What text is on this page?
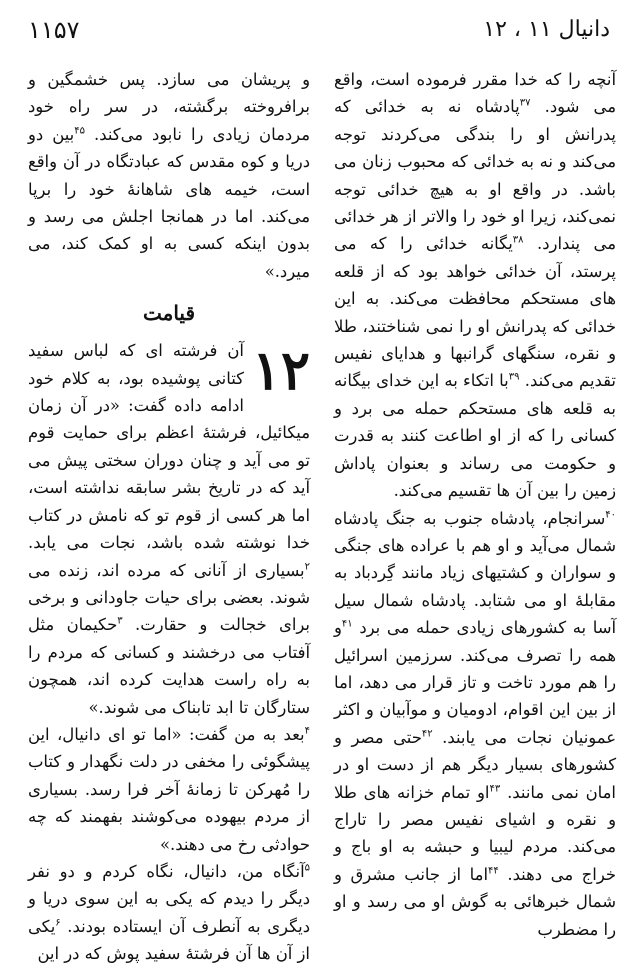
۱۱۵۷	دانیال ۱۱ ، ۱۲

آنچه را که خدا مقرر فرموده است، واقع می شود. $^{۳۷}$پادشاه نه به خدائی که پدرانش او را بندگی می‌کردند توجه می‌کند و نه به خدائی که محبوب زنان می باشد. در واقع او به هیچ خدائی توجه نمی‌کند، زیرا او خود را والاتر از هر خدائی می پندارد. $^{۳۸}$یگانه خدائی را که می پرستد، آن خدائی خواهد بود که از قلعه های مستحکم محافظت می‌کند. به این خدائی که پدرانش او را نمی شناختند، طلا و نقره، سنگهای گرانبها و هدایای نفیس تقدیم می‌کند. $^{۳۹}$با اتکاء به این خدای بیگانه به قلعه های مستحکم حمله می برد و کسانی را که از او اطاعت کنند به قدرت و حکومت می رساند و بعنوان پاداش زمین را بین آن ها تقسیم می‌کند.

$^{۴۰}$سرانجام، پادشاه جنوب به جنگ پادشاه شمال می‌آید و او هم با عراده های جنگی و سواران و کشتیهای زیاد مانند گِردباد به مقابلهٔ او می شتابد. پادشاه شمال سیل آسا به کشورهای زیادی حمله می برد $^{۴۱}$و همه را تصرف می‌کند. سرزمین اسرائیل را هم مورد تاخت و تاز قرار می دهد، اما از بین این اقوام، ادومیان و موآبیان و اکثر عمونیان نجات می یابند. $^{۴۲}$حتی مصر و کشورهای بسیار دیگر هم از دست او در امان نمی مانند. $^{۴۳}$او تمام خزانه های طلا و نقره و اشیای نفیس مصر را تاراج می‌کند. مردم لیبیا و حبشه به او باج و خراج می دهند. $^{۴۴}$اما از جانب مشرق و شمال خبرهائی به گوش او می رسد و او را مضطرب

و پریشان می سازد. پس خشمگین و برافروخته برگشته، در سر راه خود مردمان زیادی را نابود می‌کند. $^{۴۵}$بین دو دریا و کوه مقدس که عبادتگاه در آن واقع است، خیمه های شاهانهٔ خود را برپا می‌کند. اما در همانجا اجلش می رسد و بدون اینکه کسی به او کمک کند، می میرد.»

قیامت
۱۲

آن فرشته ای که لباس سفید کتانی پوشیده بود، به کلام خود ادامه داده گفت: «در آن زمان میکائیل، فرشتهٔ اعظم برای حمایت قوم تو می آید و چنان دوران سختی پیش می آید که در تاریخ بشر سابقه نداشته است، اما هر کسی از قوم تو که نامش در کتاب خدا نوشته شده باشد، نجات می یابد. $^۲$بسیاری از آنانی که مرده اند، زنده می شوند. بعضی برای حیات جاودانی و برخی برای خجالت و حقارت. $^۳$حکیمان مثل آفتاب می درخشند و کسانی که مردم را به راه راست هدایت کرده اند، همچون ستارگان تا ابد تابناک می شوند.»

$^۴$بعد به من گفت: «اما تو ای دانیال، این پیشگوئی را مخفی در دلت نگهدار و کتاب را مُهرکن تا زمانهٔ آخر فرا رسد. بسیاری از مردم بیهوده می‌کوشند بفهمند که چه حوادثی رخ می دهند.»

$^۵$آنگاه من، دانیال، نگاه کردم و دو نفر دیگر را دیدم که یکی به این سوی دریا و دیگری به آنطرف آن ایستاده بودند. $^۶$یکی از آن ها آن فرشتهٔ سفید پوش که در این
